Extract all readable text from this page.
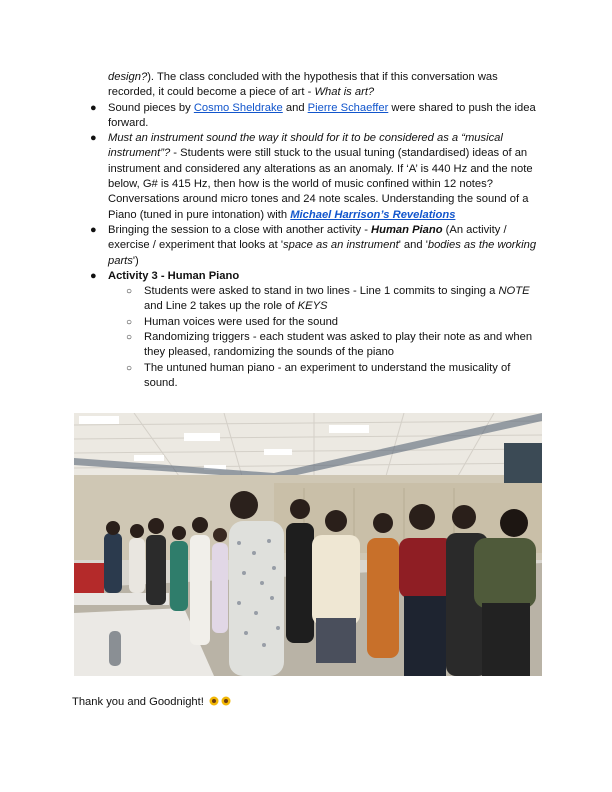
design?). The class concluded with the hypothesis that if this conversation was recorded, it could become a piece of art - What is art?

● Sound pieces by Cosmo Sheldrake and Pierre Schaeffer were shared to push the idea forward.
● Must an instrument sound the way it should for it to be considered as a “musical instrument”? - Students were still stuck to the usual tuning (standardised) ideas of an instrument and considered any alterations as an anomaly. If ‘A’ is 440 Hz and the note below, G# is 415 Hz, then how is the world of music confined within 12 notes? Conversations around micro tones and 24 note scales. Understanding the sound of a Piano (tuned in pure intonation) with Michael Harrison’s Revelations
● Bringing the session to a close with another activity - Human Piano (An activity / exercise / experiment that looks at 'space as an instrument' and 'bodies as the working parts')
● Activity 3 - Human Piano
○ Students were asked to stand in two lines - Line 1 commits to singing a NOTE and Line 2 takes up the role of KEYS
○ Human voices were used for the sound
○ Randomizing triggers - each student was asked to play their note as and when they pleased, randomizing the sounds of the piano
○ The untuned human piano - an experiment to understand the musicality of sound.
Thank you and Goodnight!
